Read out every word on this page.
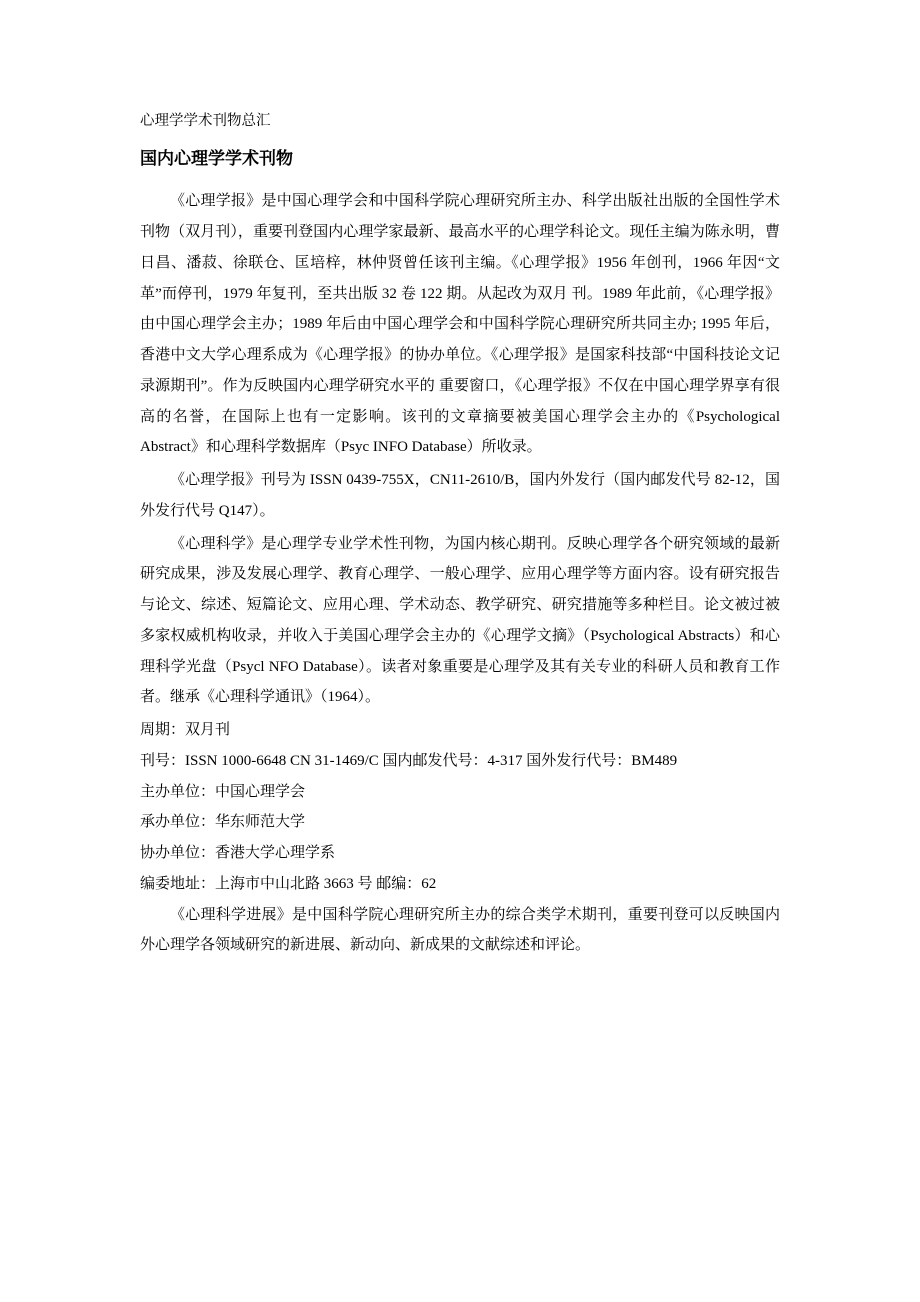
心理学学术刊物总汇
国内心理学学术刊物

《心理学报》是中国心理学会和中国科学院心理研究所主办、科学出版社出版的全国性学术刊物（双月刊），重要刊登国内心理学家最新、最高水平的心理学科论文。现任主编为陈永明，曹日昌、潘菽、徐联仓、匡培梓，林仲贤曾任该刊主编。《心理学报》1956 年创刊，1966 年因“文革”而停刊，1979 年复刊，至共出版 32 卷 122 期。从起改为双月 刊。1989 年此前，《心理学报》由中国心理学会主办；1989 年后由中国心理学会和中国科学院心理研究所共同主办; 1995 年后，香港中文大学心理系成为《心理学报》的协办单位。《心理学报》是国家科技部“中国科技论文记录源期刊”。作为反映国内心理学研究水平的 重要窗口，《心理学报》不仅在中国心理学界享有很高的名誉，在国际上也有一定影响。该刊的文章摘要被美国心理学会主办的《Psychological Abstract》和心理科学数据库（Psyc INFO Database）所收录。

《心理学报》刊号为 ISSN 0439-755X，CN11-2610/B，国内外发行（国内邮发代号 82-12，国外发行代号 Q147）。

《心理科学》是心理学专业学术性刊物，为国内核心期刊。反映心理学各个研究领域的最新研究成果，涉及发展心理学、教育心理学、一般心理学、应用心理学等方面内容。设有研究报告与论文、综述、短篇论文、应用心理、学术动态、教学研究、研究措施等多种栏目。论文被过被多家权威机构收录，并收入于美国心理学会主办的《心理学文摘》（Psychological Abstracts）和心理科学光盘（Psycl NFO Database）。读者对象重要是心理学及其有关专业的科研人员和教育工作者。继承《心理科学通讯》（1964）。

周期：双月刊

刊号：ISSN 1000-6648 CN 31-1469/C 国内邮发代号：4-317 国外发行代号：BM489

主办单位：中国心理学会

承办单位：华东师范大学

协办单位：香港大学心理学系

编委地址：上海市中山北路 3663 号 邮编：62

《心理科学进展》是中国科学院心理研究所主办的综合类学术期刊，重要刊登可以反映国内外心理学各领域研究的新进展、新动向、新成果的文献综述和评论。
